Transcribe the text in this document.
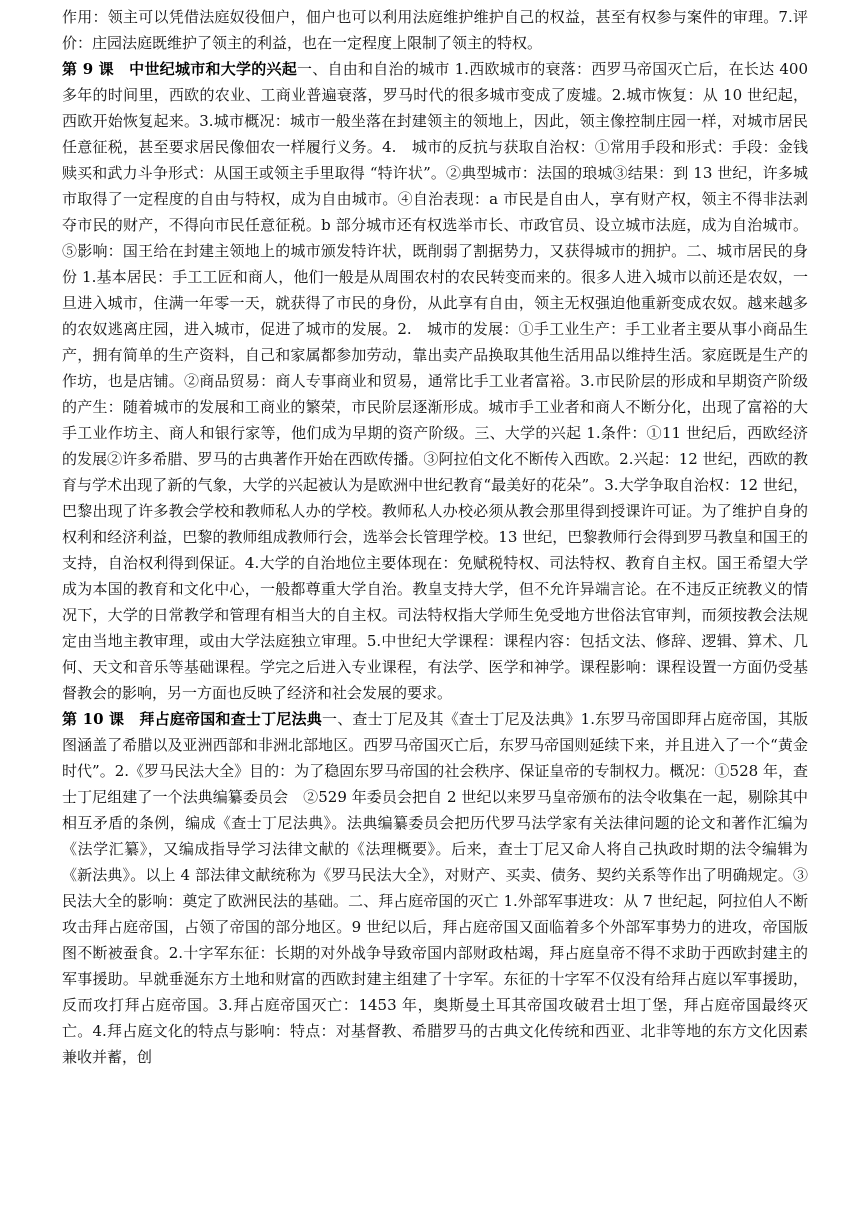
作用：领主可以凭借法庭奴役佃户，佃户也可以利用法庭维护维护自己的权益，甚至有权参与案件的审理。7.评价：庄园法庭既维护了领主的利益，也在一定程度上限制了领主的特权。

第 9 课　中世纪城市和大学的兴起一、自由和自治的城市 1.西欧城市的衰落：西罗马帝国灭亡后，在长达 400 多年的时间里，西欧的农业、工商业普遍衰落，罗马时代的很多城市变成了废墟。2.城市恢复：从 10 世纪起，西欧开始恢复起来。3.城市概况：城市一般坐落在封建领主的领地上，因此，领主像控制庄园一样，对城市居民任意征税，甚至要求居民像佃农一样履行义务。4.　城市的反抗与获取自治权：①常用手段和形式：手段：金钱赎买和武力斗争形式：从国王或领主手里取得 “特许状”。②典型城市：法国的琅城③结果：到 13 世纪，许多城市取得了一定程度的自由与特权，成为自由城市。④自治表现：a 市民是自由人，享有财产权，领主不得非法剥夺市民的财产，不得向市民任意征税。b 部分城市还有权选举市长、市政官员、设立城市法庭，成为自治城市。⑤影响：国王给在封建主领地上的城市颁发特许状，既削弱了割据势力，又获得城市的拥护。二、城市居民的身份 1.基本居民：手工工匠和商人，他们一般是从周围农村的农民转变而来的。很多人进入城市以前还是农奴，一旦进入城市，住满一年零一天，就获得了市民的身份，从此享有自由，领主无权强迫他重新变成农奴。越来越多的农奴逃离庄园，进入城市，促进了城市的发展。2.　城市的发展：①手工业生产：手工业者主要从事小商品生产，拥有简单的生产资料，自己和家属都参加劳动，靠出卖产品换取其他生活用品以维持生活。家庭既是生产的作坊，也是店铺。②商品贸易：商人专事商业和贸易，通常比手工业者富裕。3.市民阶层的形成和早期资产阶级的产生：随着城市的发展和工商业的繁荣，市民阶层逐渐形成。城市手工业者和商人不断分化，出现了富裕的大手工业作坊主、商人和银行家等，他们成为早期的资产阶级。三、大学的兴起 1.条件：①11 世纪后，西欧经济的发展②许多希腊、罗马的古典著作开始在西欧传播。③阿拉伯文化不断传入西欧。2.兴起：12 世纪，西欧的教育与学术出现了新的气象，大学的兴起被认为是欧洲中世纪教育“最美好的花朵”。3.大学争取自治权：12 世纪，巴黎出现了许多教会学校和教师私人办的学校。教师私人办校必须从教会那里得到授课许可证。为了维护自身的权利和经济利益，巴黎的教师组成教师行会，选举会长管理学校。13 世纪，巴黎教师行会得到罗马教皇和国王的支持，自治权利得到保证。4.大学的自治地位主要体现在：免赋税特权、司法特权、教育自主权。国王希望大学成为本国的教育和文化中心，一般都尊重大学自治。教皇支持大学，但不允许异端言论。在不违反正统教义的情况下，大学的日常教学和管理有相当大的自主权。司法特权指大学师生免受地方世俗法官审判，而须按教会法规定由当地主教审理，或由大学法庭独立审理。5.中世纪大学课程：课程内容：包括文法、修辞、逻辑、算术、几何、天文和音乐等基础课程。学完之后进入专业课程，有法学、医学和神学。课程影响：课程设置一方面仍受基督教会的影响，另一方面也反映了经济和社会发展的要求。

第 10 课　拜占庭帝国和查士丁尼法典一、查士丁尼及其《查士丁尼及法典》1.东罗马帝国即拜占庭帝国，其版图涵盖了希腊以及亚洲西部和非洲北部地区。西罗马帝国灭亡后，东罗马帝国则延续下来，并且进入了一个“黄金时代”。2.《罗马民法大全》目的：为了稳固东罗马帝国的社会秩序、保证皇帝的专制权力。概况：①528 年，查士丁尼组建了一个法典编纂委员会　②529 年委员会把自 2 世纪以来罗马皇帝颁布的法令收集在一起，剔除其中相互矛盾的条例，编成《查士丁尼法典》。法典编纂委员会把历代罗马法学家有关法律问题的论文和著作汇编为《法学汇纂》，又编成指导学习法律文献的《法理概要》。后来，查士丁尼又命人将自己执政时期的法令编辑为《新法典》。以上 4 部法律文献统称为《罗马民法大全》，对财产、买卖、债务、契约关系等作出了明确规定。③民法大全的影响：奠定了欧洲民法的基础。二、拜占庭帝国的灭亡 1.外部军事进攻：从 7 世纪起，阿拉伯人不断攻击拜占庭帝国，占领了帝国的部分地区。9 世纪以后，拜占庭帝国又面临着多个外部军事势力的进攻，帝国版图不断被蚕食。2.十字军东征：长期的对外战争导致帝国内部财政枯竭，拜占庭皇帝不得不求助于西欧封建主的军事援助。早就垂涎东方土地和财富的西欧封建主组建了十字军。东征的十字军不仅没有给拜占庭以军事援助，反而攻打拜占庭帝国。3.拜占庭帝国灭亡：1453 年，奥斯曼土耳其帝国攻破君士坦丁堡，拜占庭帝国最终灭亡。4.拜占庭文化的特点与影响：特点：对基督教、希腊罗马的古典文化传统和西亚、北非等地的东方文化因素兼收并蓄，创
